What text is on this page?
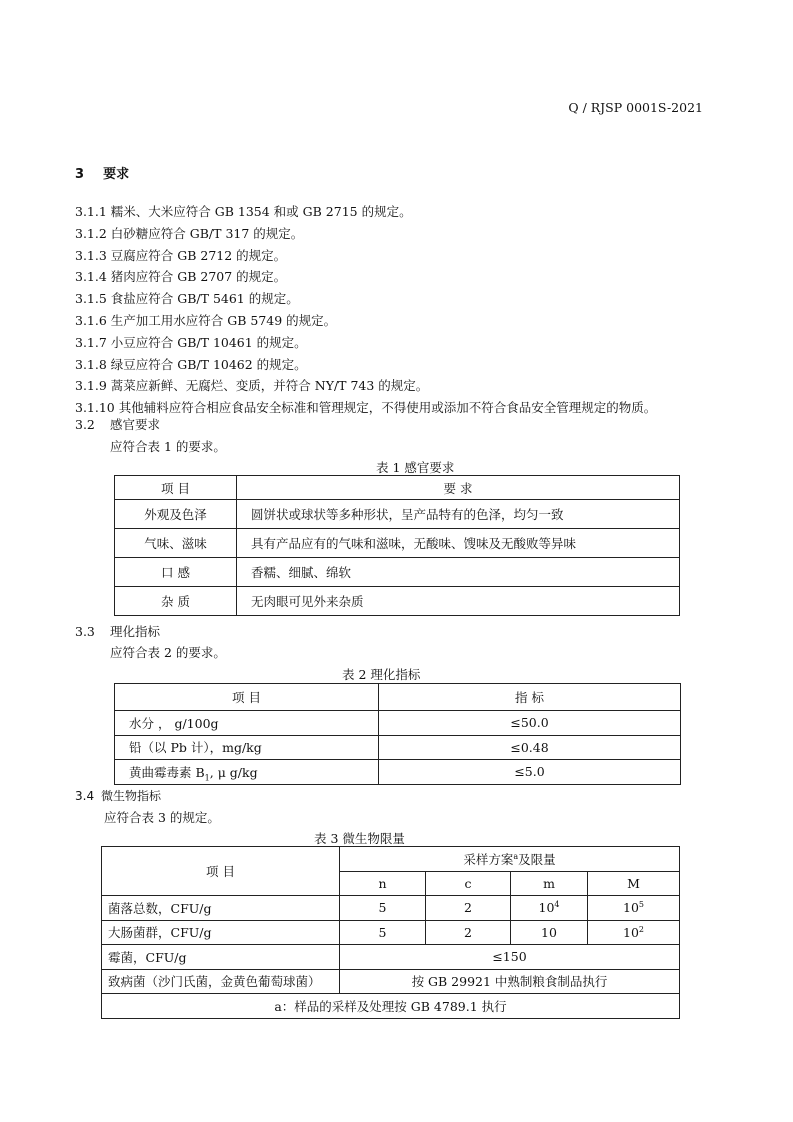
Q / RJSP 0001S-2021
3 要求
3.1.1 糯米、大米应符合 GB 1354 和或 GB 2715 的规定。
3.1.2 白砂糖应符合 GB/T 317 的规定。
3.1.3 豆腐应符合 GB 2712 的规定。
3.1.4 猪肉应符合 GB 2707 的规定。
3.1.5 食盐应符合 GB/T 5461 的规定。
3.1.6 生产加工用水应符合 GB 5749 的规定。
3.1.7 小豆应符合 GB/T 10461 的规定。
3.1.8 绿豆应符合 GB/T 10462 的规定。
3.1.9 蒿菜应新鲜、无腐烂、变质，并符合 NY/T 743 的规定。
3.1.10 其他辅料应符合相应食品安全标准和管理规定，不得使用或添加不符合食品安全管理规定的物质。
3.2 感官要求
应符合表 1 的要求。
表 1 感官要求
项 目	要 求
外观及色泽	圆饼状或球状等多种形状，呈产品特有的色泽，均匀一致
气味、滋味	具有产品应有的气味和滋味，无酸味、馊味及无酸败等异味
口 感	香糯、细腻、绵软
杂 质	无肉眼可见外来杂质
3.3 理化指标
应符合表 2 的要求。
表 2 理化指标
项 目	指 标
水分 ， g/100g	≤50.0
铅（以 Pb 计），mg/kg	≤0.48
黄曲霉毒素 $B_1$, μ g/kg	≤5.0
3.4 微生物指标
应符合表 3 的规定。
表 3 微生物限量
项 目	采样方案$^a$及限量			
	n	c	m	M
菌落总数，CFU/g	5	2	$10^4$	$10^5$
大肠菌群，CFU/g	5	2	10	$10^2$
霉菌，CFU/g	≤150			
致病菌（沙门氏菌，金黄色葡萄球菌）	按 GB 29921 中熟制粮食制品执行			
a：样品的采样及处理按 GB 4789.1 执行				
